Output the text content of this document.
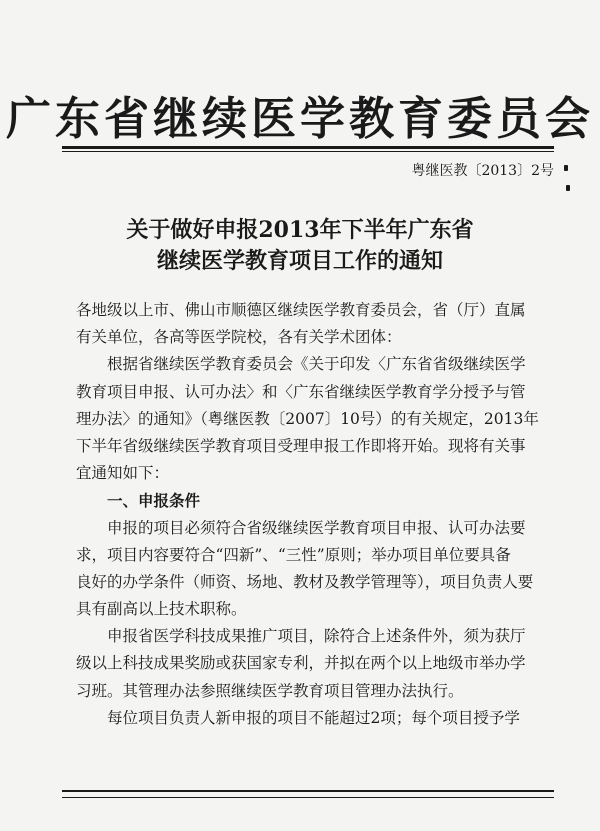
广东省继续医学教育委员会
粤继医教〔2013〕2号
关于做好申报2013年下半年广东省
继续医学教育项目工作的通知
各地级以上市、佛山市顺德区继续医学教育委员会，省（厅）直属
有关单位，各高等医学院校，各有关学术团体：
根据省继续医学教育委员会《关于印发〈广东省省级继续医学
教育项目申报、认可办法〉和〈广东省继续医学教育学分授予与管
理办法〉的通知》（粤继医教〔2007〕10号）的有关规定，2013年
下半年省级继续医学教育项目受理申报工作即将开始。现将有关事
宜通知如下：
一、申报条件
申报的项目必须符合省级继续医学教育项目申报、认可办法要
求，项目内容要符合“四新”、“三性”原则；举办项目单位要具备
良好的办学条件（师资、场地、教材及教学管理等），项目负责人要
具有副高以上技术职称。
申报省医学科技成果推广项目，除符合上述条件外，须为获厅
级以上科技成果奖励或获国家专利，并拟在两个以上地级市举办学
习班。其管理办法参照继续医学教育项目管理办法执行。
每位项目负责人新申报的项目不能超过2项；每个项目授予学
